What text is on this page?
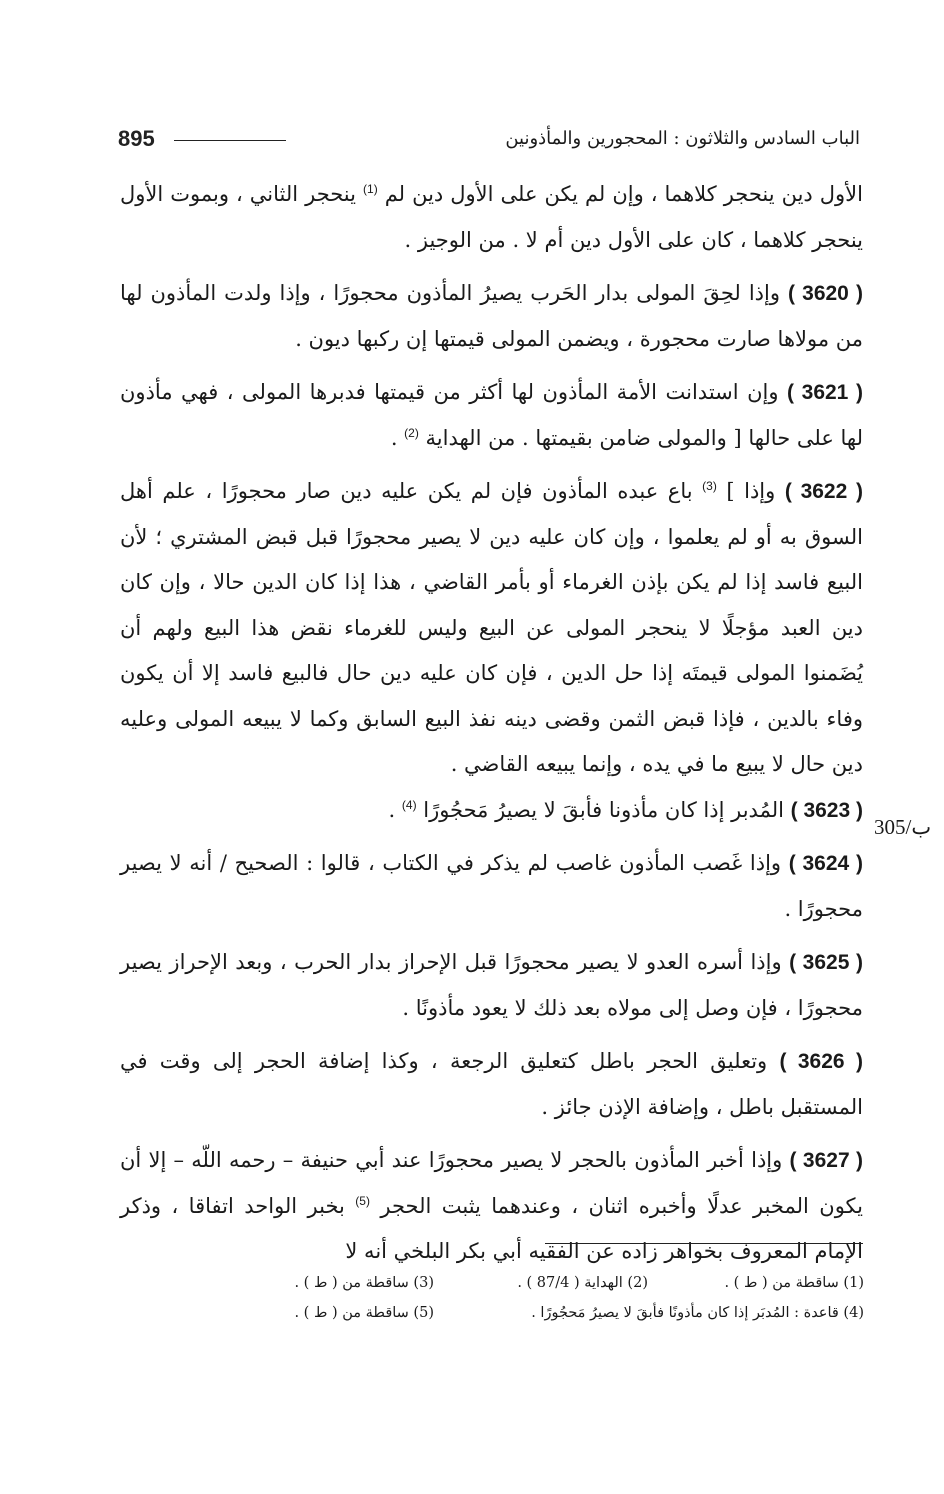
895	الباب السادس والثلاثون : المحجورين والمأذونين
305/ب

الأول دين ينحجر كلاهما ، وإن لم يكن على الأول دين لم $^{(1)}$ ينحجر الثاني ، وبموت الأول ينحجر كلاهما ، كان على الأول دين أم لا . من الوجيز .

( 3620 ) وإذا لحِقَ المولى بدار الحَرب يصيرُ المأذون محجورًا ، وإذا ولدت المأذون لها من مولاها صارت محجورة ، ويضمن المولى قيمتها إن ركبها ديون .

( 3621 ) وإن استدانت الأمة المأذون لها أكثر من قيمتها فدبرها المولى ، فهي مأذون لها على حالها [ والمولى ضامن بقيمتها . من الهداية $^{(2)}$ .

( 3622 ) وإذا ] $^{(3)}$ باع عبده المأذون فإن لم يكن عليه دين صار محجورًا ، علم أهل السوق به أو لم يعلموا ، وإن كان عليه دين لا يصير محجورًا قبل قبض المشتري ؛ لأن البيع فاسد إذا لم يكن بإذن الغرماء أو بأمر القاضي ، هذا إذا كان الدين حالا ، وإن كان دين العبد مؤجلًا لا ينحجر المولى عن البيع وليس للغرماء نقض هذا البيع ولهم أن يُضَمنوا المولى قيمتَه إذا حل الدين ، فإن كان عليه دين حال فالبيع فاسد إلا أن يكون وفاء بالدين ، فإذا قبض الثمن وقضى دينه نفذ البيع السابق وكما لا يبيعه المولى وعليه دين حال لا يبيع ما في يده ، وإنما يبيعه القاضي .

( 3623 ) المُدبر إذا كان مأذونا فأبقَ لا يصيرُ مَحجُورًا $^{(4)}$ .

( 3624 ) وإذا غَصب المأذون غاصب لم يذكر في الكتاب ، قالوا : الصحيح / أنه لا يصير محجورًا .

( 3625 ) وإذا أسره العدو لا يصير محجورًا قبل الإحراز بدار الحرب ، وبعد الإحراز يصير محجورًا ، فإن وصل إلى مولاه بعد ذلك لا يعود مأذونًا .

( 3626 ) وتعليق الحجر باطل كتعليق الرجعة ، وكذا إضافة الحجر إلى وقت في المستقبل باطل ، وإضافة الإذن جائز .

( 3627 ) وإذا أخبر المأذون بالحجر لا يصير محجورًا عند أبي حنيفة – رحمه اللّه – إلا أن يكون المخبر عدلًا وأخبره اثنان ، وعندهما يثبت الحجر $^{(5)}$ بخبر الواحد اتفاقا ، وذكر الإمام المعروف بخواهر زاده عن الفقيه أبي بكر البلخي أنه لا

(1) ساقطة من ( ط ) .
(2) الهداية ( 87/4 ) .
(3) ساقطة من ( ط ) .
(4) قاعدة : المُدبَر إذا كان مأذونًا فأبقَ لا يصيرُ مَحجُورًا .
(5) ساقطة من ( ط ) .
